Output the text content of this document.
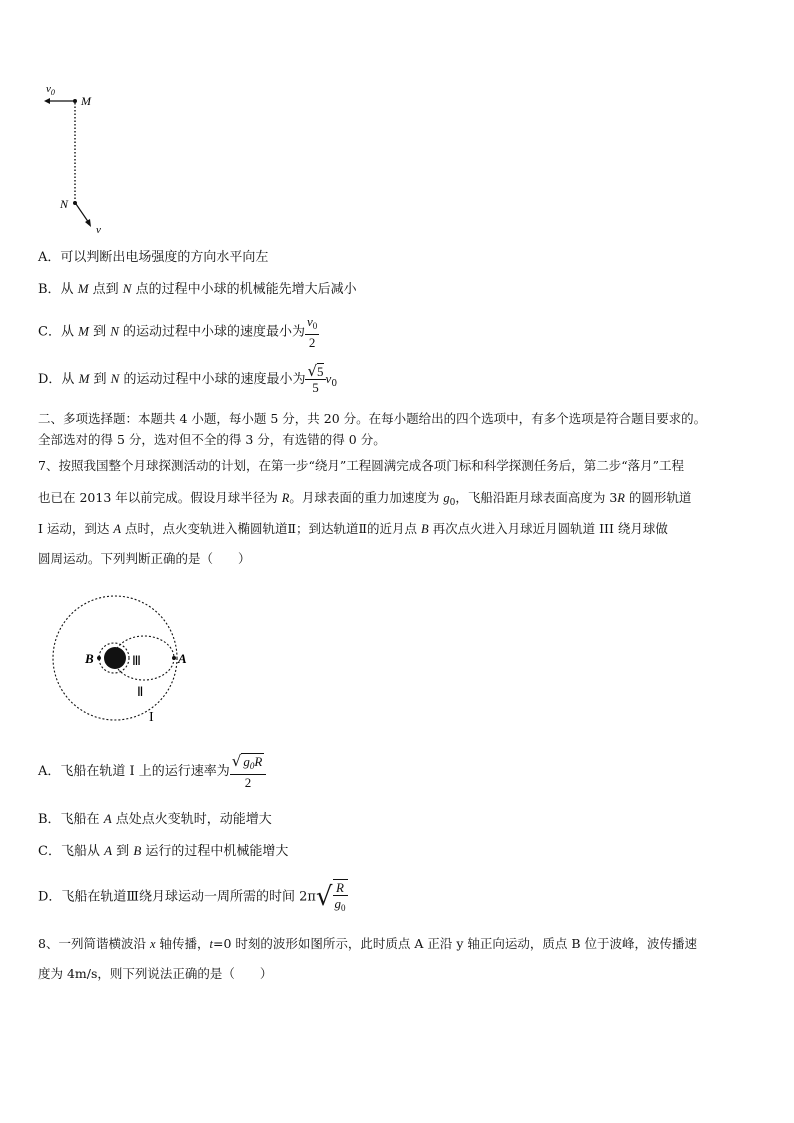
$v_0$
M
N
v
A．可以判断出电场强度的方向水平向左
B．从 M 点到 N 点的过程中小球的机械能先增大后减小
C．从 M 到 N 的运动过程中小球的速度最小为 $\frac{v_0}{2}$
D．从 M 到 N 的运动过程中小球的速度最小为 $\frac{√5}{5} v_0$
二、多项选择题：本题共 4 小题，每小题 5 分，共 20 分。在每小题给出的四个选项中，有多个选项是符合题目要求的。
全部选对的得 5 分，选对但不全的得 3 分，有选错的得 0 分。
7、按照我国整个月球探测活动的计划，在第一步“绕月”工程圆满完成各项门标和科学探测任务后，第二步“落月”工程
也已在 2013 年以前完成。假设月球半径为 R。月球表面的重力加速度为 $g_0$，飞船沿距月球表面高度为 3R 的圆形轨道
I 运动，到达 A 点时，点火变轨进入椭圆轨道Ⅱ；到达轨道Ⅱ的近月点 B 再次点火进入月球近月圆轨道 III 绕月球做
圆周运动。下列判断正确的是（　　）
B	Ⅲ	A
Ⅱ
I
A．飞船在轨道 I 上的运行速率为 $\frac{√ g_0R}{2}$
B．飞船在 A 点处点火变轨时，动能增大
C．飞船从 A 到 B 运行的过程中机械能增大
D．飞船在轨道Ⅲ绕月球运动一周所需的时间 $2\pi√ \frac{R}{g_0}$
8、一列简谐横波沿 x 轴传播，t=0 时刻的波形如图所示，此时质点 A 正沿 y 轴正向运动，质点 B 位于波峰，波传播速
度为 4m/s，则下列说法正确的是（　　）
